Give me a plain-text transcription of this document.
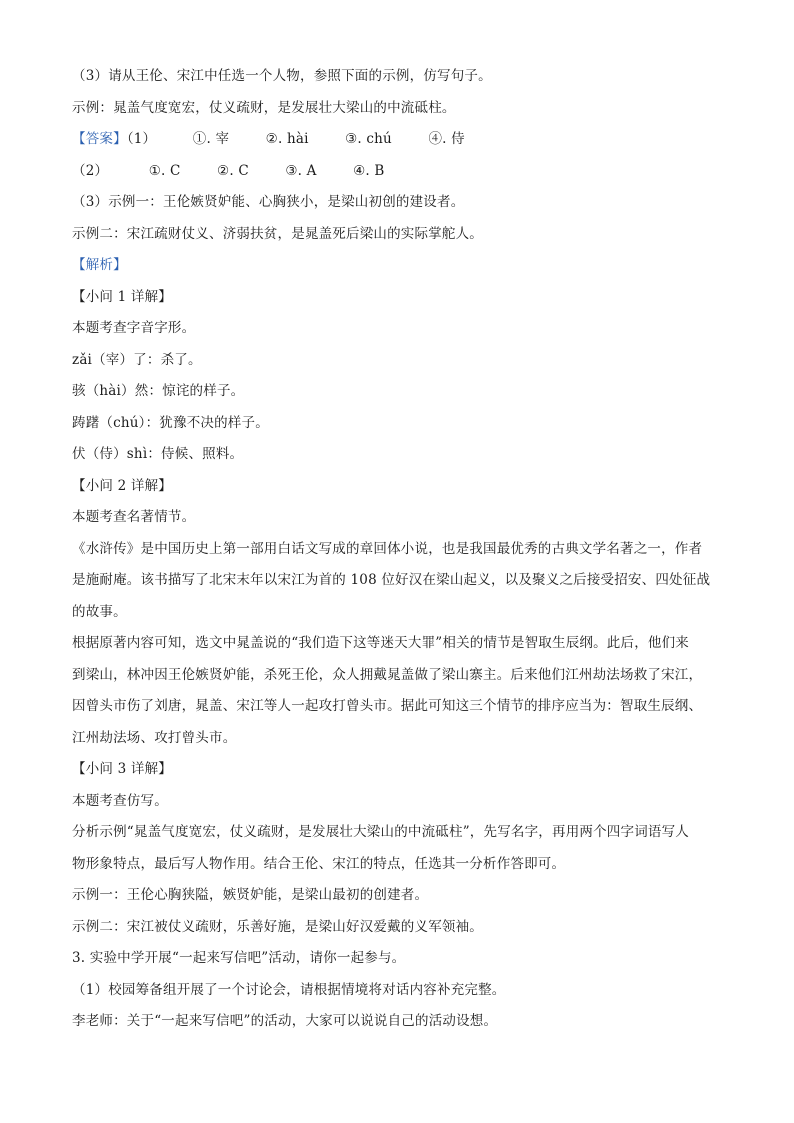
（3）请从王伦、宋江中任选一个人物，参照下面的示例，仿写句子。
示例：晁盖气度宽宏，仗义疏财，是发展壮大梁山的中流砥柱。
【答案】（1）	①. 宰	②. hài	③. chú	④. 侍
（2）	①. C	②. C	③. A	④. B
（3）示例一：王伦嫉贤妒能、心胸狭小，是梁山初创的建设者。
示例二：宋江疏财仗义、济弱扶贫，是晁盖死后梁山的实际掌舵人。
【解析】
【小问 1 详解】
本题考查字音字形。
zǎi（宰）了：杀了。
骇（hài）然：惊诧的样子。
踌躇（chú）：犹豫不决的样子。
伏（侍）shì：侍候、照料。
【小问 2 详解】
本题考查名著情节。
《水浒传》是中国历史上第一部用白话文写成的章回体小说，也是我国最优秀的古典文学名著之一，作者
是施耐庵。该书描写了北宋末年以宋江为首的 108 位好汉在梁山起义，以及聚义之后接受招安、四处征战
的故事。
根据原著内容可知，选文中晁盖说的“我们造下这等迷天大罪”相关的情节是智取生辰纲。此后，他们来
到梁山，林冲因王伦嫉贤妒能，杀死王伦，众人拥戴晁盖做了梁山寨主。后来他们江州劫法场救了宋江，
因曾头市伤了刘唐，晁盖、宋江等人一起攻打曾头市。据此可知这三个情节的排序应当为：智取生辰纲、
江州劫法场、攻打曾头市。
【小问 3 详解】
本题考查仿写。
分析示例“晁盖气度宽宏，仗义疏财，是发展壮大梁山的中流砥柱”，先写名字，再用两个四字词语写人
物形象特点，最后写人物作用。结合王伦、宋江的特点，任选其一分析作答即可。
示例一：王伦心胸狭隘，嫉贤妒能，是梁山最初的创建者。
示例二：宋江被仗义疏财，乐善好施，是梁山好汉爱戴的义军领袖。
3. 实验中学开展“一起来写信吧”活动，请你一起参与。
（1）校园筹备组开展了一个讨论会，请根据情境将对话内容补充完整。
李老师：关于“一起来写信吧”的活动，大家可以说说自己的活动设想。
